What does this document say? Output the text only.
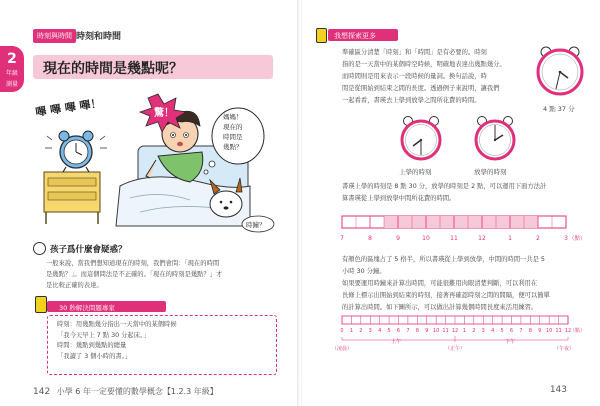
時刻與時間 時刻和時間
2
年級
測量
現在的時間是幾點呢？
嗶 嗶 嗶 嗶！	驚！	媽媽！
現在的
時間是
幾點？
時鐘？
孩子爲什麼會疑惑？
一般來說，當我們想知道現在的時刻，我們會問：「現在的時間
是幾點？」。而這個問法是不正確的。「現在的時刻是幾點？」才
是比較正確的表達。
30 秒解決問題專家
時刻：用幾點幾分指出一天當中的某個時候
「我今天早上 7 點 30 分起床。」
時間：幾點到幾點的總量
「我讀了 3 個小時的書。」
142 小學 6 年一定要懂的數學概念【1.2.3 年級】
我想探索更多
準確區分清楚「時刻」和「時間」是有必要的。時刻
指的是一天當中的某個時空時候，明確地表達出幾點幾分。
而時間則是用來表示一段時候的量詞。換句話說，時
間是從開始到結束之間的長度。透過例子來說明，讓我們
一起看看，書瑛去上學到放學之間所花費的時間。
4 點 37 分
上學的時刻	放學的時刻
書瑛上學的時刻是 8 點 30 分，放學的時刻是 2 點，可以運用下面方法計
算書瑛從上學到放學中間所花費的時間。
7	8	9	10	11	12	1	2	3 （點）
有顏色的區塊占了 5 格半，所以書瑛從上學到放學，中間的時間一共是 5
小時 30 分鐘。
如果要運用時鐘來計算出時間，可能很難用肉眼清楚判斷，可以利用在
長條上標示出開始到結束的時刻，接著再確認時刻之間的間隔，便可以簡單
的計算出時間。如下圖所示，可以做出計算幾個時間長度來活用練習。
0 1 2 3 4 5 6 7 8 9 10 11 12 1 2 3 4 5 6 7 8 9 10 11 12
（點）
上午	下午
（凌晨）	（正午）	（午夜）
143
